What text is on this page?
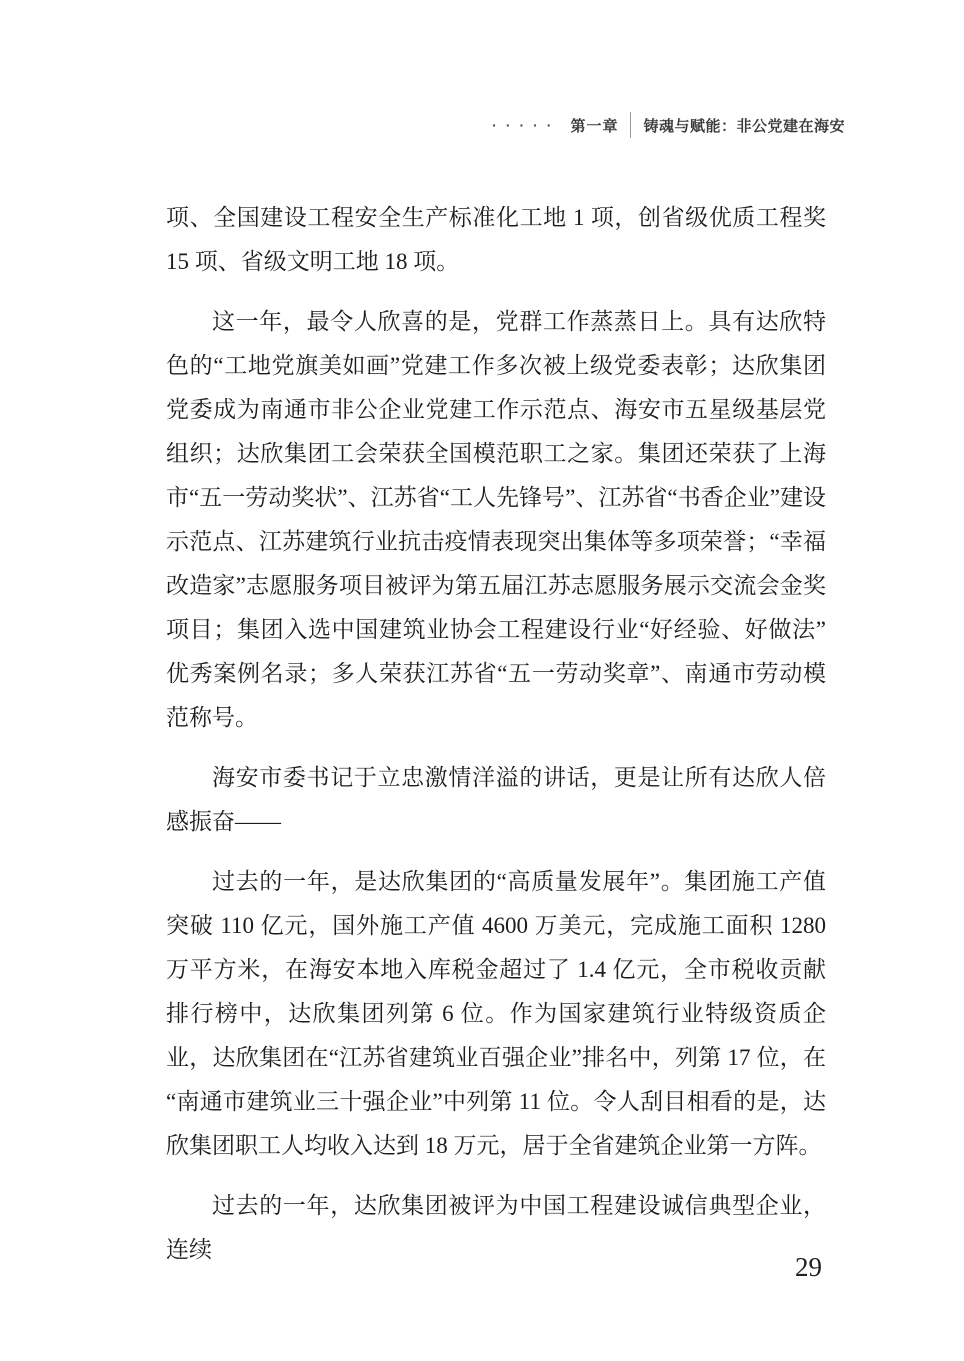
····· 第一章 铸魂与赋能：非公党建在海安

项、全国建设工程安全生产标准化工地 1 项，创省级优质工程奖 15 项、省级文明工地 18 项。

这一年，最令人欣喜的是，党群工作蒸蒸日上。具有达欣特色的“工地党旗美如画”党建工作多次被上级党委表彰；达欣集团党委成为南通市非公企业党建工作示范点、海安市五星级基层党组织；达欣集团工会荣获全国模范职工之家。集团还荣获了上海市“五一劳动奖状”、江苏省“工人先锋号”、江苏省“书香企业”建设示范点、江苏建筑行业抗击疫情表现突出集体等多项荣誉；“幸福改造家”志愿服务项目被评为第五届江苏志愿服务展示交流会金奖项目；集团入选中国建筑业协会工程建设行业“好经验、好做法”优秀案例名录；多人荣获江苏省“五一劳动奖章”、南通市劳动模范称号。

海安市委书记于立忠激情洋溢的讲话，更是让所有达欣人倍感振奋——

过去的一年，是达欣集团的“高质量发展年”。集团施工产值突破 110 亿元，国外施工产值 4600 万美元，完成施工面积 1280 万平方米，在海安本地入库税金超过了 1.4 亿元，全市税收贡献排行榜中，达欣集团列第 6 位。作为国家建筑行业特级资质企业，达欣集团在“江苏省建筑业百强企业”排名中，列第 17 位，在“南通市建筑业三十强企业”中列第 11 位。令人刮目相看的是，达欣集团职工人均收入达到 18 万元，居于全省建筑企业第一方阵。

过去的一年，达欣集团被评为中国工程建设诚信典型企业，连续

29
